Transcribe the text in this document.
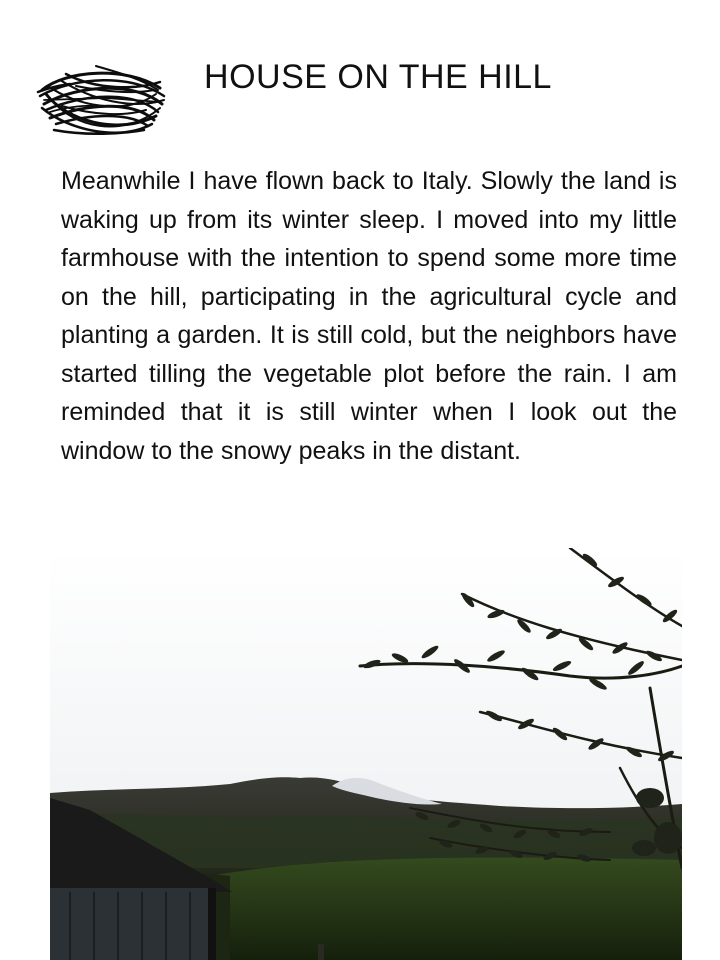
HOUSE ON THE HILL
Meanwhile I have flown back to Italy. Slowly the land is waking up from its winter sleep. I moved into my little farmhouse with the intention to spend some more time on the hill, participating in the agricultural cycle and planting a garden. It is still cold, but the neighbors have started tilling the vegetable plot before the rain. I am reminded that it is still winter when I look out the window to the snowy peaks in the distant.
